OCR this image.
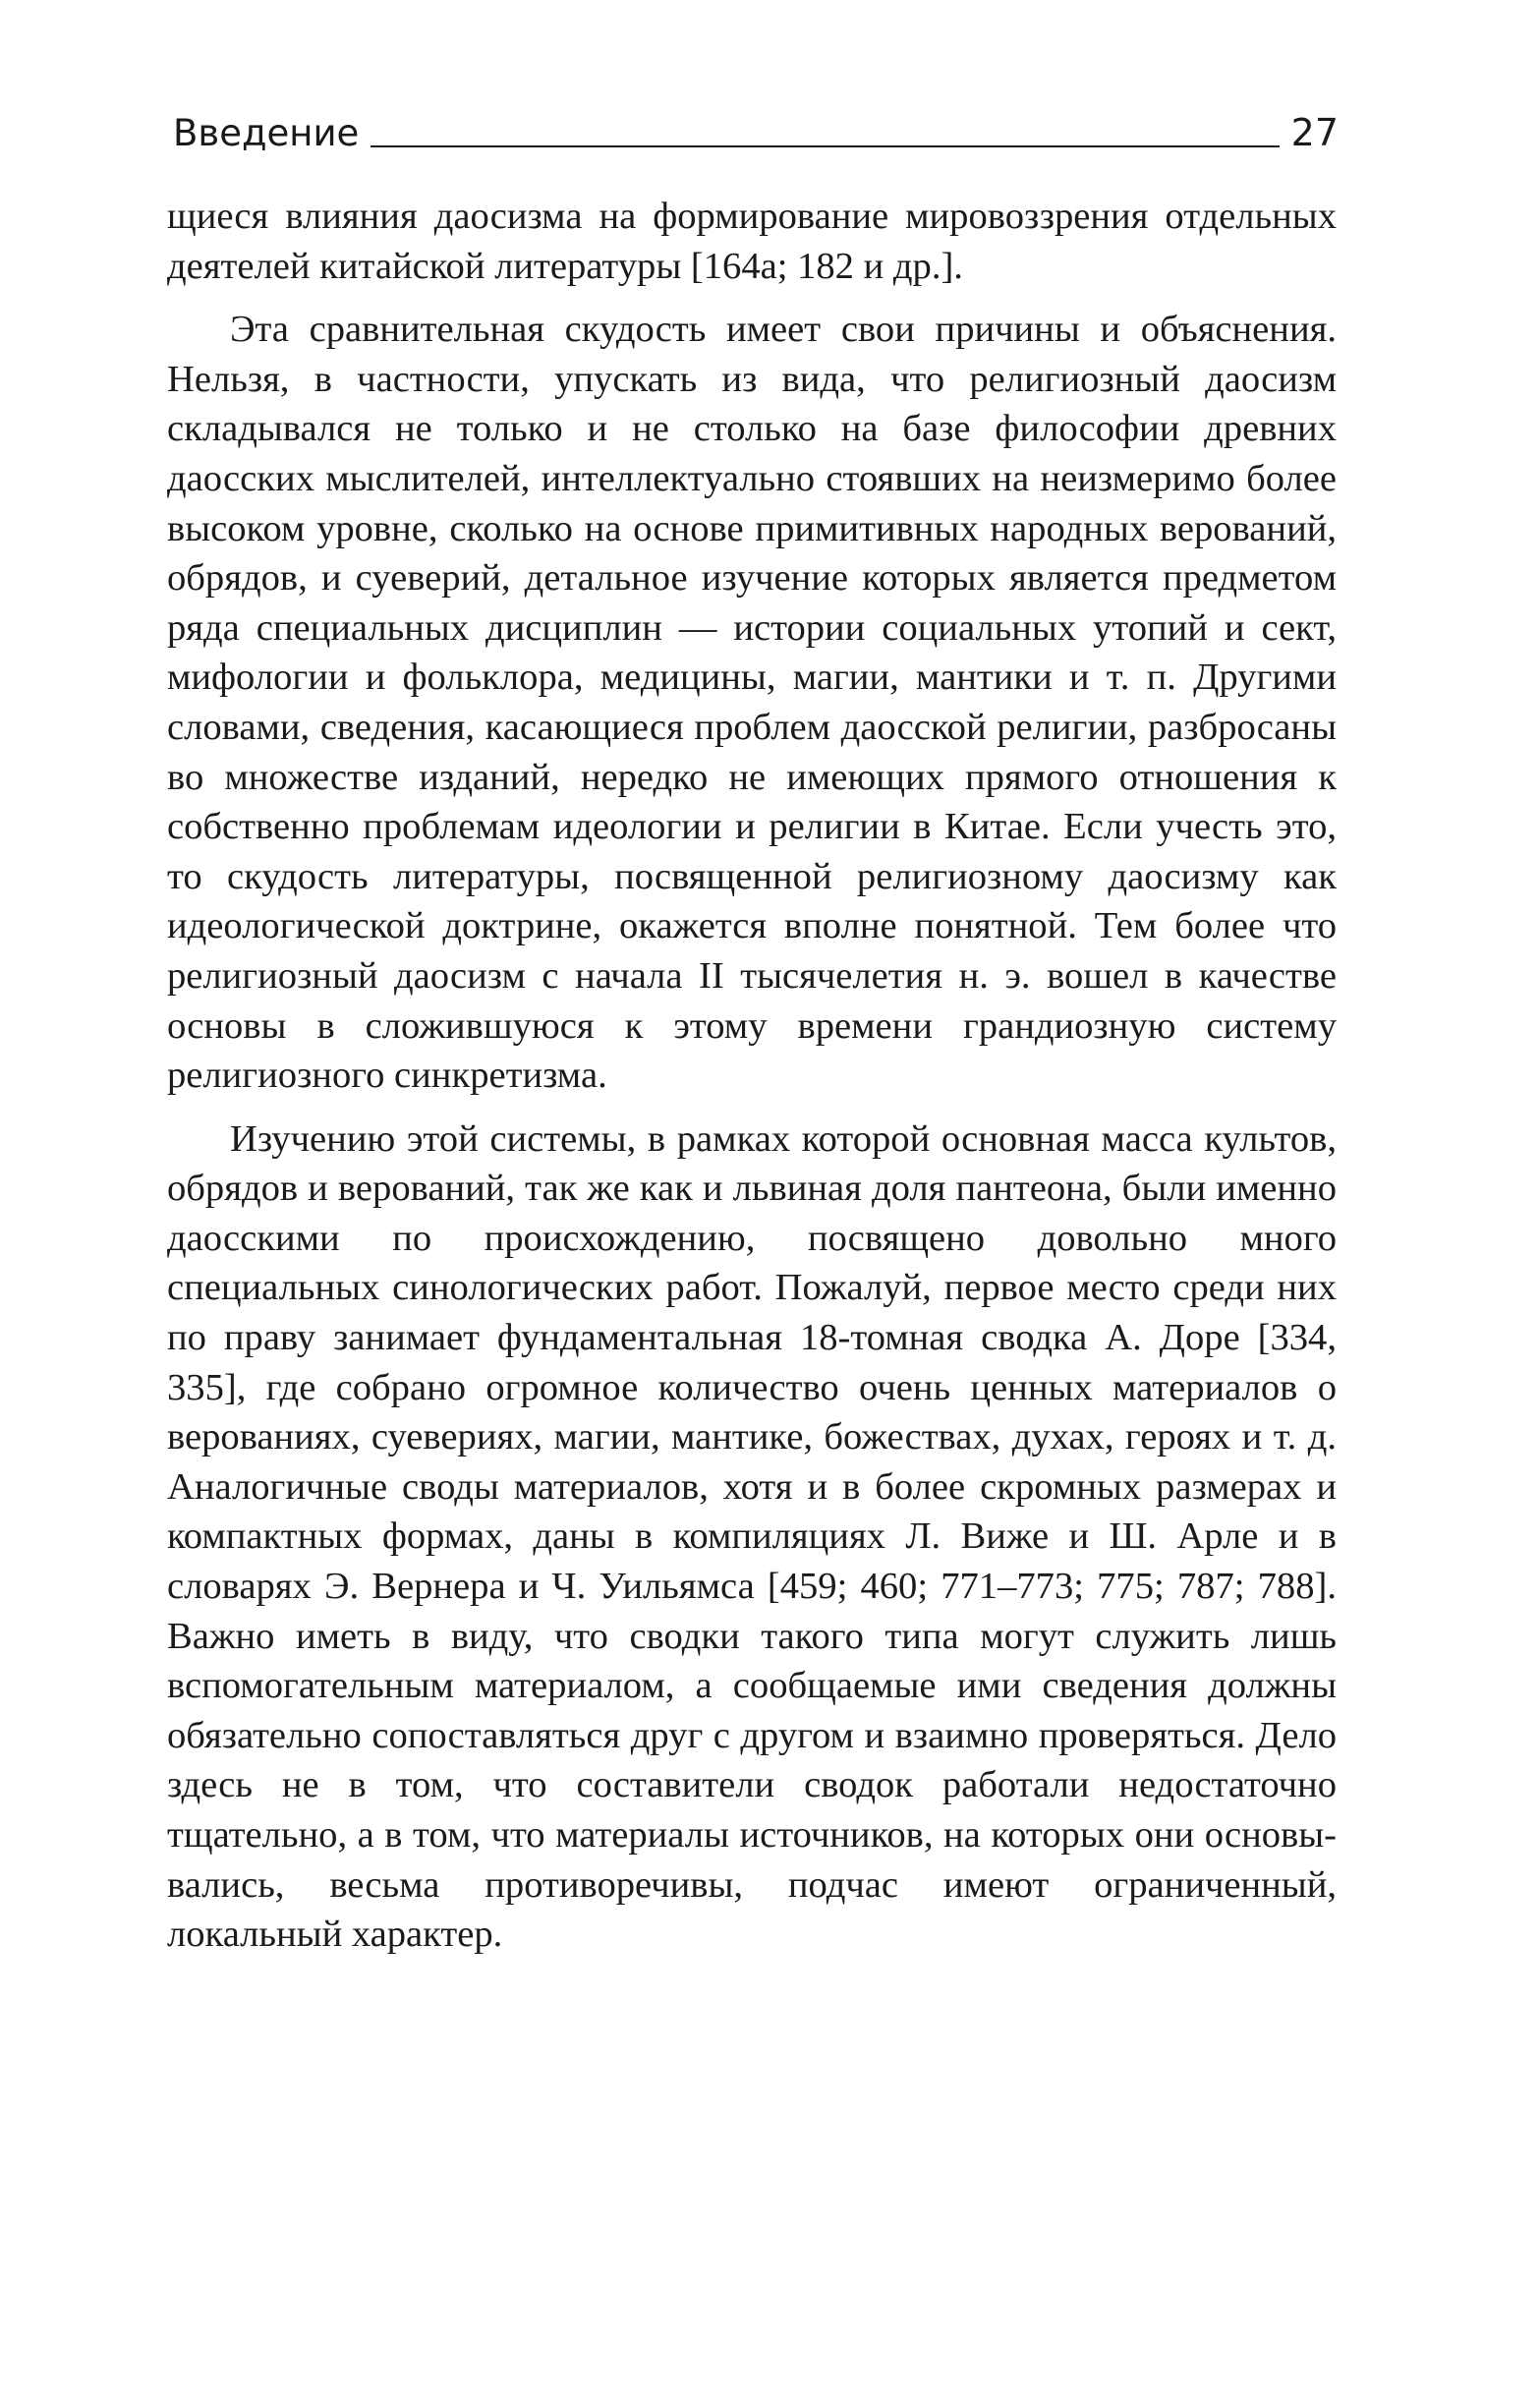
Введение	27

щиеся влияния даосизма на формирование мировоззрения отдельных деятелей китайской литературы [164а; 182 и др.].

Эта сравнительная скудость имеет свои причины и объяснения. Нельзя, в частности, упускать из вида, что религиозный даосизм складывался не только и не столько на базе философии древних даосских мыслителей, интеллектуально стоявших на неизмеримо более высоком уровне, сколько на основе примитивных народных верований, обрядов, и суеверий, детальное изучение которых является предметом ряда специальных дисциплин — истории социальных утопий и сект, мифологии и фольклора, медицины, магии, мантики и т. п. Другими словами, сведения, касающиеся проблем даосской религии, разбросаны во множестве изданий, нередко не имеющих прямого отношения к собственно проблемам идеологии и религии в Китае. Если учесть это, то скудость литературы, посвященной религиозному даосизму как идеологической доктрине, окажется вполне понятной. Тем более что религиозный даосизм с начала II тысячелетия н. э. вошел в качестве основы в сложившуюся к этому времени грандиозную систему религиозного синкретизма.

Изучению этой системы, в рамках которой основная масса культов, обрядов и верований, так же как и львиная доля пантеона, были именно даосскими по происхождению, посвящено довольно много специальных синологических работ. Пожалуй, первое место среди них по праву занимает фундаментальная 18-томная сводка А. Доре [334, 335], где собрано огромное количество очень ценных материалов о верованиях, суевериях, магии, мантике, божествах, духах, героях и т. д. Аналогичные своды материалов, хотя и в более скромных размерах и компактных формах, даны в компиляциях Л. Виже и Ш. Арле и в словарях Э. Вернера и Ч. Уильямса [459; 460; 771–773; 775; 787; 788]. Важно иметь в виду, что сводки такого типа могут служить лишь вспомогательным материалом, а сообщаемые ими сведения должны обязательно сопоставляться друг с другом и взаимно проверяться. Дело здесь не в том, что составители сводок работали недостаточно тщательно, а в том, что материалы источников, на которых они основывались, весьма противоречивы, подчас имеют ограниченный, локальный характер.
